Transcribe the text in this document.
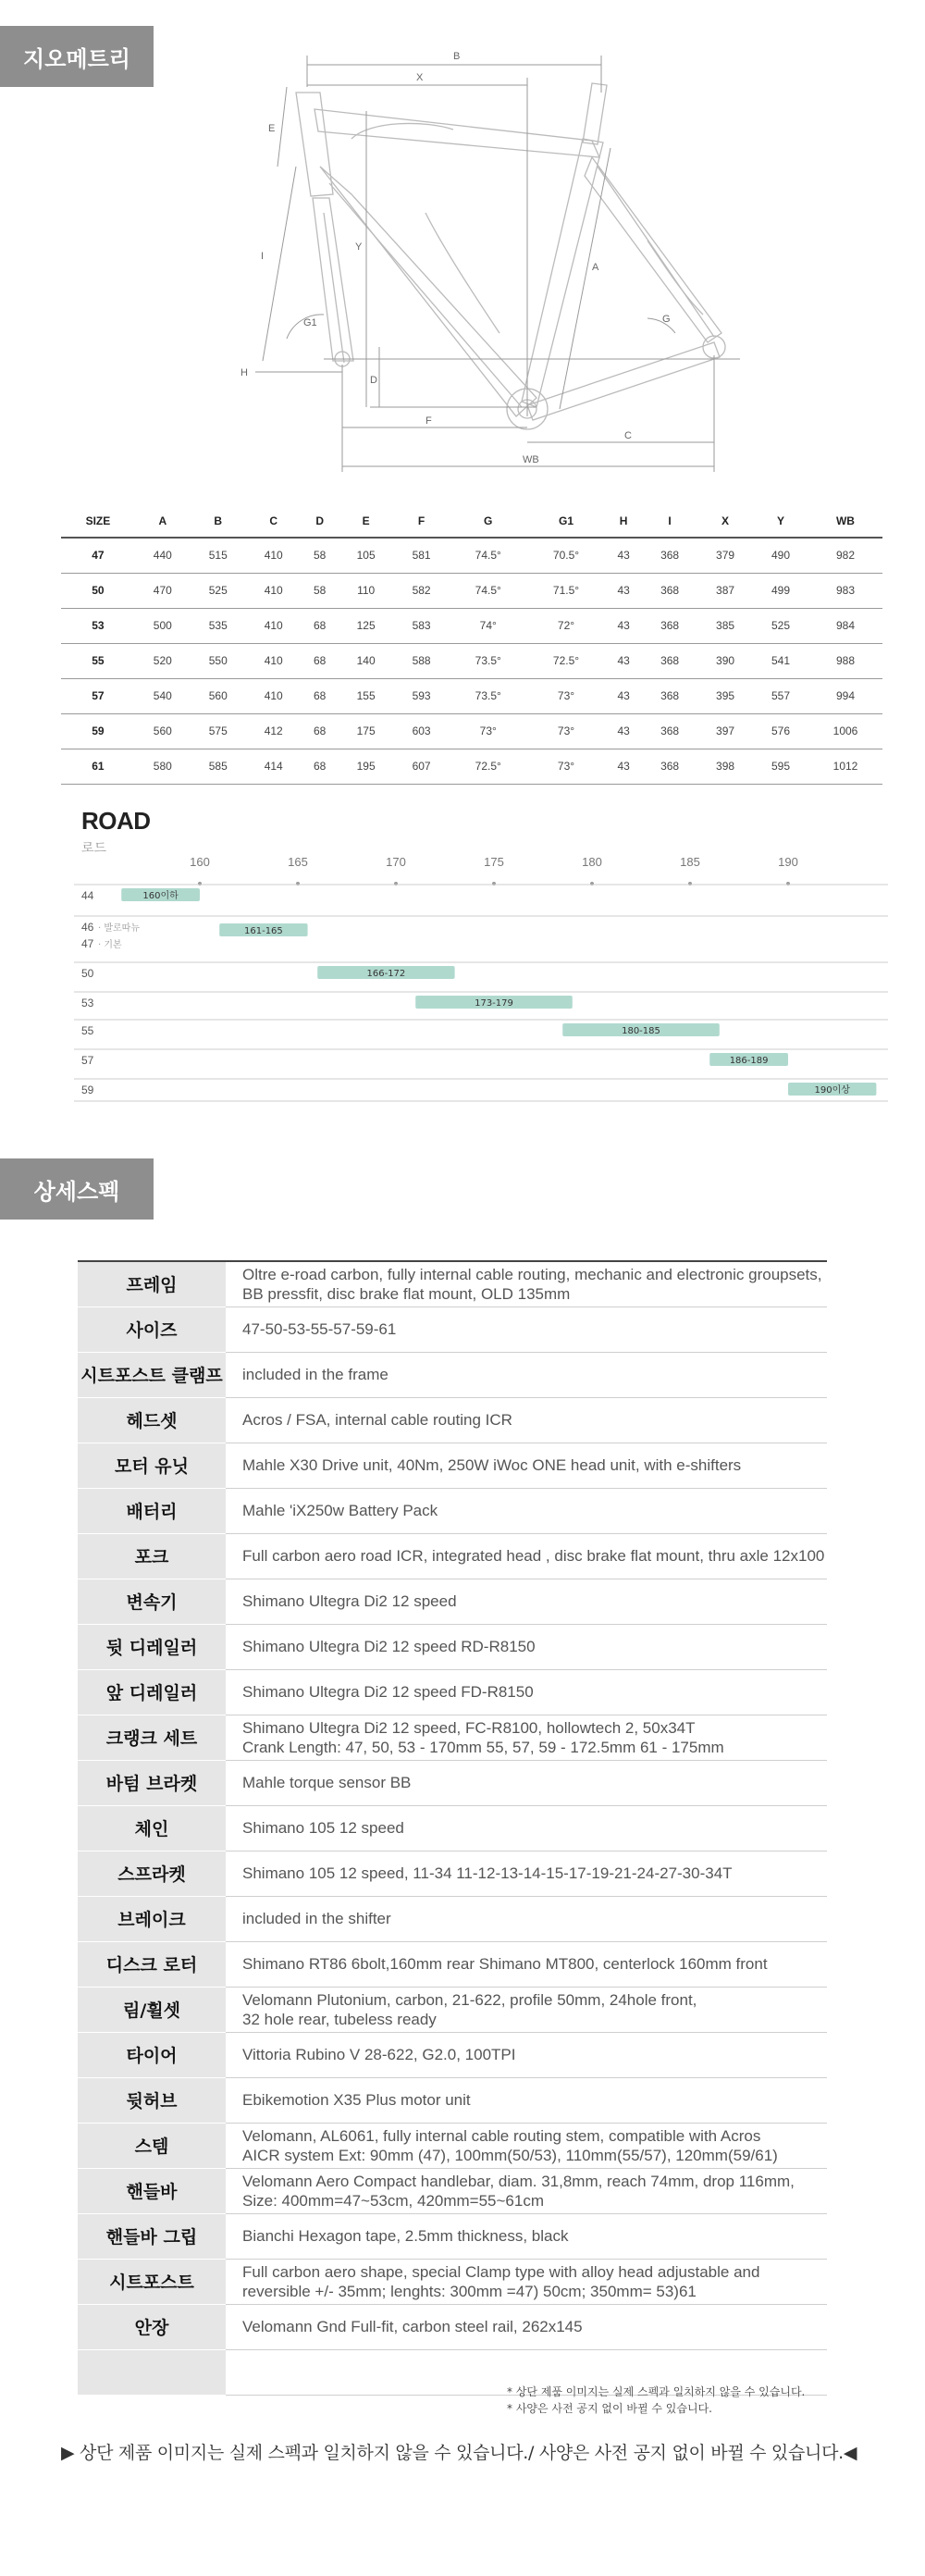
지오메트리	B
X
E
I
G1
Y
D
G
A
H
F
C
WB
SIZE	A	B	C	D	E	F	G	G1	H	I	X	Y	WB
47	440	515	410	58	105	581	74.5°	70.5°	43	368	379	490	982
50	470	525	410	58	110	582	74.5°	71.5°	43	368	387	499	983
53	500	535	410	68	125	583	74°	72°	43	368	385	525	984
55	520	550	410	68	140	588	73.5°	72.5°	43	368	390	541	988
57	540	560	410	68	155	593	73.5°	73°	43	368	395	557	994
59	560	575	412	68	175	603	73°	73°	43	368	397	576	1006
61	580	585	414	68	195	607	72.5°	73°	43	368	398	595	1012
ROAD
로드
160	165	170	175	180	185	190
44	160이하
46 · 발로따뉴	161-165
47 · 기본
50	166-172
53	173-179
55	180-185
57	186-189
59	190이상
상세스펙
프레임	Oltre e-road carbon, fully internal cable routing, mechanic and electronic groupsets,
BB pressfit, disc brake flat mount, OLD 135mm

사이즈	47-50-53-55-57-59-61

시트포스트 클램프	included in the frame

헤드셋	Acros / FSA, internal cable routing ICR

모터 유닛	Mahle X30 Drive unit, 40Nm, 250W iWoc ONE head unit, with e-shifters

배터리	Mahle 'iX250w Battery Pack

포크	Full carbon aero road ICR, integrated head , disc brake flat mount, thru axle 12x100

변속기	Shimano Ultegra Di2 12 speed

뒷 디레일러	Shimano Ultegra Di2 12 speed RD-R8150

앞 디레일러	Shimano Ultegra Di2 12 speed FD-R8150

크랭크 세트	Shimano Ultegra Di2 12 speed, FC-R8100, hollowtech 2, 50x34T
Crank Length: 47, 50, 53 - 170mm 55, 57, 59 - 172.5mm 61 - 175mm

바텀 브라켓	Mahle torque sensor BB

체인	Shimano 105 12 speed

스프라켓	Shimano 105 12 speed, 11-34 11-12-13-14-15-17-19-21-24-27-30-34T

브레이크	included in the shifter

디스크 로터	Shimano RT86 6bolt,160mm rear Shimano MT800, centerlock 160mm front

림/휠셋	Velomann Plutonium, carbon, 21-622, profile 50mm, 24hole front,
32 hole rear, tubeless ready

타이어	Vittoria Rubino V 28-622, G2.0, 100TPI

뒷허브	Ebikemotion X35 Plus motor unit

스템	Velomann, AL6061, fully internal cable routing stem, compatible with Acros
AICR system Ext: 90mm (47), 100mm(50/53), 110mm(55/57), 120mm(59/61)

핸들바	Velomann Aero Compact handlebar, diam. 31,8mm, reach 74mm, drop 116mm,
Size: 400mm=47~53cm, 420mm=55~61cm

핸들바 그립	Bianchi Hexagon tape, 2.5mm thickness, black

시트포스트	Full carbon aero shape, special Clamp type with alloy head adjustable and
reversible +/- 35mm; lenghts: 300mm =47) 50cm; 350mm= 53)61

안장	Velomann Gnd Full-fit, carbon steel rail, 262x145

* 상단 제품 이미지는 실제 스펙과 일치하지 않을 수 있습니다.
* 사양은 사전 공지 없이 바뀔 수 있습니다.
▶ 상단 제품 이미지는 실제 스펙과 일치하지 않을 수 있습니다./ 사양은 사전 공지 없이 바뀔 수 있습니다.◀
